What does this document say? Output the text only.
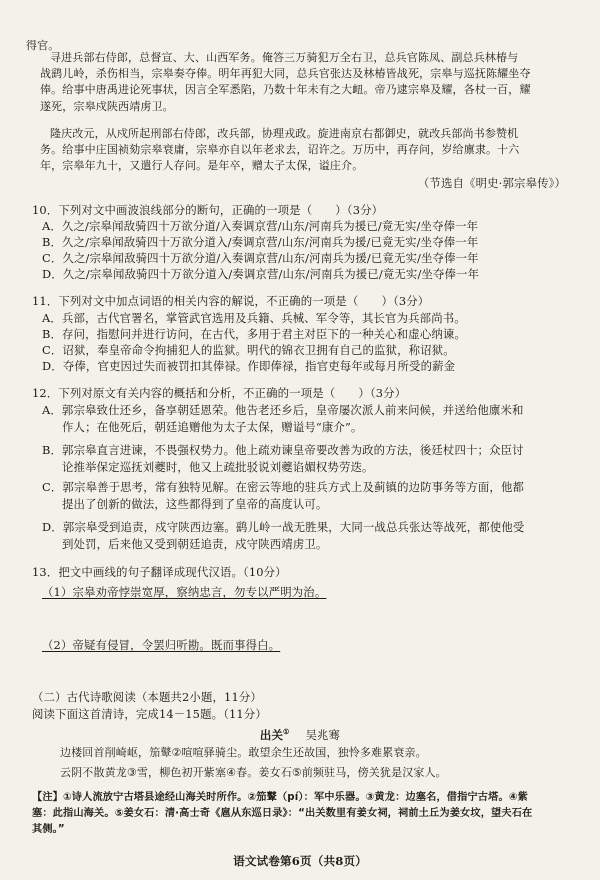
得官。
寻进兵部右侍郎，总督宣、大、山西军务。俺答三万骑犯万全右卫，总兵官陈凤、副总兵林椿与
战鹞儿岭，杀伤相当，宗皋奏夺俸。明年再犯大同，总兵官张达及林椿皆战死，宗皋与巡抚陈耀坐夺
俸。给事中唐禹进论死事状，因言全军悉陷，乃数十年未有之大衄。帝乃逮宗皋及耀，各杖一百，耀
遂死，宗皋戍陕西靖虏卫。
隆庆改元，从戍所起刑部右侍郎，改兵部，协理戎政。旋进南京右都御史，就改兵部尚书参赞机
务。给事中庄国祯劾宗皋衰庸，宗皋亦自以年老求去，诏许之。万历中，再存问，岁给廪隶。十六
年，宗皋年九十，又遣行人存问。是年卒，赠太子太保，谥庄介。
（节选自《明史·郭宗皋传》）
10．下列对文中画波浪线部分的断句，正确的一项是（　　）（3分）
A．久之/宗皋闻敌骑四十万欲分道/入奏调京营/山东/河南兵为援已/竟无实/坐夺俸一年
B．久之/宗皋闻敌骑四十万欲分道入/奏调京营/山东/河南兵为援/已竟无实/坐夺俸一年
C．久之/宗皋闻敌骑四十万欲分道/入奏调京营/山东/河南兵为援/已竟无实/坐夺俸一年
D．久之/宗皋闻敌骑四十万欲分道入/奏调京营/山东/河南兵为援已/竟无实/坐夺俸一年
11．下列对文中加点词语的相关内容的解说，不正确的一项是（　　）（3分）
A．兵部，古代官署名，掌管武官选用及兵籍、兵械、军令等，其长官为兵部尚书。
B．存问，指慰问并进行访问，在古代，多用于君主对臣下的一种关心和虚心纳谏。
C．诏狱，奉皇帝命令拘捕犯人的监狱。明代的锦衣卫拥有自己的监狱，称诏狱。
D．夺俸，官吏因过失而被罚扣其俸禄。作即俸禄，指官吏每年或每月所受的薪金
12．下列对原文有关内容的概括和分析，不正确的一项是（　　）（3分）
A．郭宗皋致仕还乡，备享朝廷恩荣。他告老还乡后，皇帝屡次派人前来问候，并送给他廪米和
作人；在他死后，朝廷追赠他为太子太保，赠谥号“康介”。
B．郭宗皋直言进谏，不畏强权势力。他上疏劝谏皇帝要改善为政的方法，後廷杖四十；众臣讨
论推举保定巡抚刘夔时，他又上疏批驳说刘夔谄媚权势劳迭。
C．郭宗皋善于思考，常有独特见解。在密云等地的驻兵方式上及蓟镇的边防事务等方面，他都
提出了创新的做法，这些都得到了皇帝的高度认可。
D．郭宗皋受到追责，戍守陕西边塞。鹞儿岭一战无胜果，大同一战总兵张达等战死，都使他受
到处罚，后来他又受到朝廷追责，戍守陕西靖虏卫。
13．把文中画线的句子翻译成现代汉语。（10分）
（1）宗皋劝帝悖崇宽厚，察纳忠言，勿专以严明为治。
（2）帝疑有侵冒，令罢归听勘。既而事得白。
（二）古代诗歌阅读（本题共2小题，11分）
阅读下面这首清诗，完成14－15题。（11分）
出关① 吴兆骞
边楼回首削崎岖，笳鼙②喧喧驿骑尘。敢望余生还故国，独怜多难累衰亲。
云阴不散黄龙③雪，柳色初开紫塞④春。姜女石⑤前频驻马，傍关犹是汉家人。
【注】①诗人流放宁古塔县途经山海关时所作。②笳鼙（pí）：军中乐器。③黄龙：边塞名，借指宁古塔。④紫
塞：此指山海关。⑤姜女石：清·高士奇《扈从东巡日录》：“出关数里有姜女祠，祠前土丘为姜女坟，望夫石在
其侧。”
语文试卷第6页（共8页）
